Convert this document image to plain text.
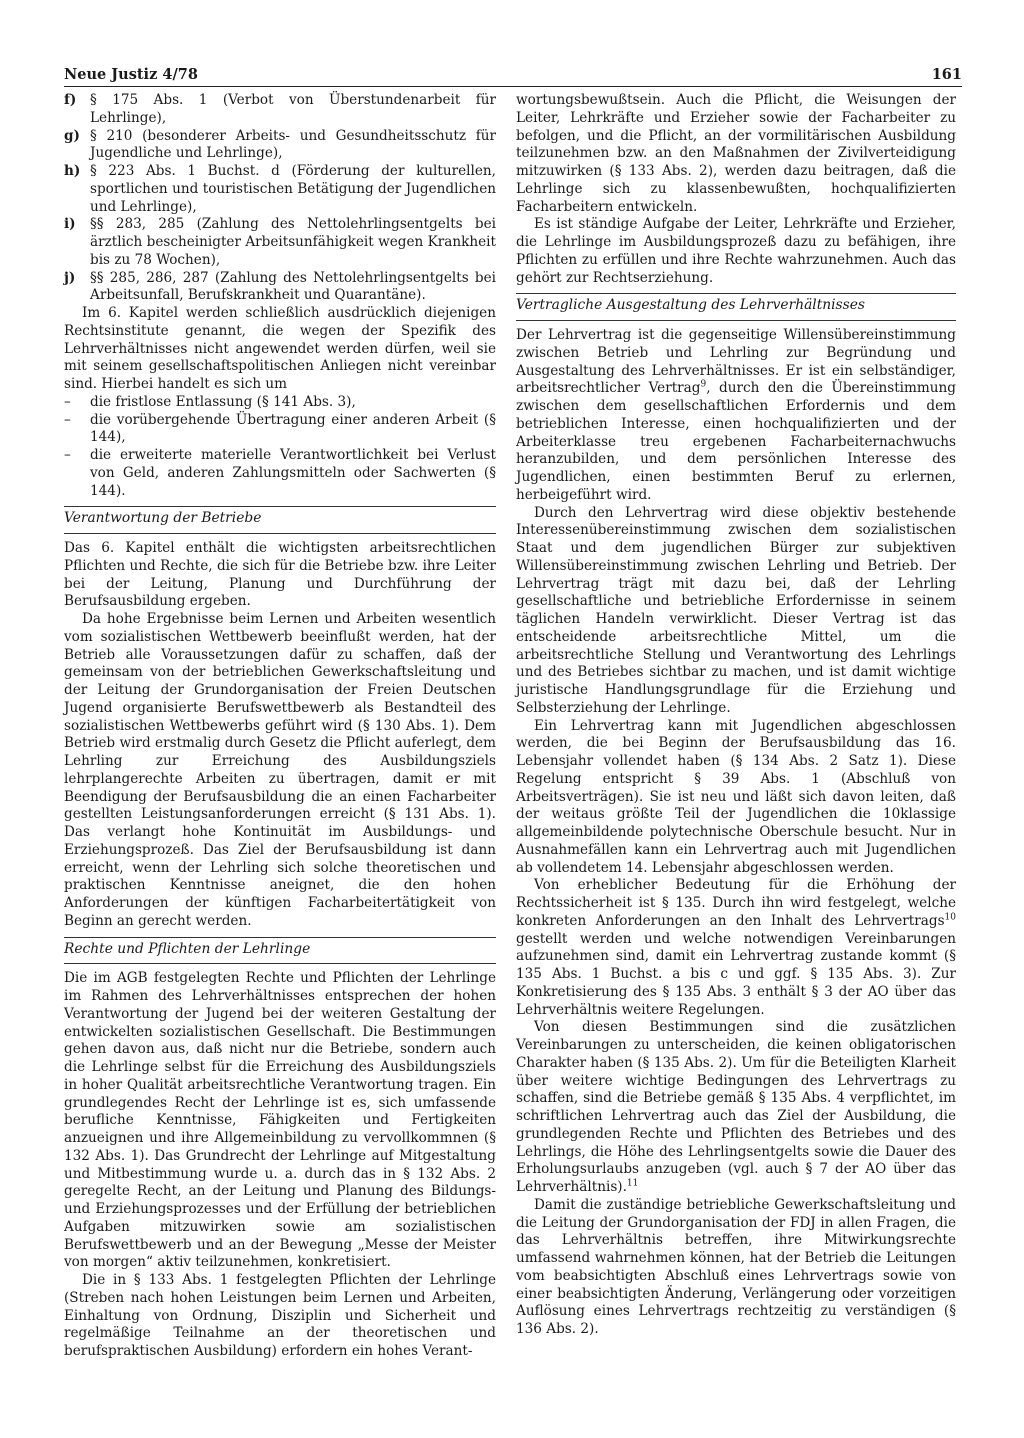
Neue Justiz 4/78	161

f) § 175 Abs. 1 (Verbot von Überstundenarbeit für Lehrlinge),

g) § 210 (besonderer Arbeits- und Gesundheitsschutz für Jugendliche und Lehrlinge),

h) § 223 Abs. 1 Buchst. d (Förderung der kulturellen, sportlichen und touristischen Betätigung der Jugendlichen und Lehrlinge),

i) §§ 283, 285 (Zahlung des Nettolehrlingsentgelts bei ärztlich bescheinigter Arbeitsunfähigkeit wegen Krankheit bis zu 78 Wochen),

j) §§ 285, 286, 287 (Zahlung des Nettolehrlingsentgelts bei Arbeitsunfall, Berufskrankheit und Quarantäne).

Im 6. Kapitel werden schließlich ausdrücklich diejenigen Rechtsinstitute genannt, die wegen der Spezifik des Lehrverhältnisses nicht angewendet werden dürfen, weil sie mit seinem gesellschaftspolitischen Anliegen nicht vereinbar sind. Hierbei handelt es sich um

– die fristlose Entlassung (§ 141 Abs. 3),

– die vorübergehende Übertragung einer anderen Arbeit (§ 144),

– die erweiterte materielle Verantwortlichkeit bei Verlust von Geld, anderen Zahlungsmitteln oder Sachwerten (§ 144).

Verantwortung der Betriebe

Das 6. Kapitel enthält die wichtigsten arbeitsrechtlichen Pflichten und Rechte, die sich für die Betriebe bzw. ihre Leiter bei der Leitung, Planung und Durchführung der Berufsausbildung ergeben.

Da hohe Ergebnisse beim Lernen und Arbeiten wesentlich vom sozialistischen Wettbewerb beeinflußt werden, hat der Betrieb alle Voraussetzungen dafür zu schaffen, daß der gemeinsam von der betrieblichen Gewerkschaftsleitung und der Leitung der Grundorganisation der Freien Deutschen Jugend organisierte Berufswettbewerb als Bestandteil des sozialistischen Wettbewerbs geführt wird (§ 130 Abs. 1). Dem Betrieb wird erstmalig durch Gesetz die Pflicht auferlegt, dem Lehrling zur Erreichung des Ausbildungsziels lehrplangerechte Arbeiten zu übertragen, damit er mit Beendigung der Berufsausbildung die an einen Facharbeiter gestellten Leistungsanforderungen erreicht (§ 131 Abs. 1). Das verlangt hohe Kontinuität im Ausbildungs- und Erziehungsprozeß. Das Ziel der Berufsausbildung ist dann erreicht, wenn der Lehrling sich solche theoretischen und praktischen Kenntnisse aneignet, die den hohen Anforderungen der künftigen Facharbeitertätigkeit von Beginn an gerecht werden.

Rechte und Pflichten der Lehrlinge

Die im AGB festgelegten Rechte und Pflichten der Lehrlinge im Rahmen des Lehrverhältnisses entsprechen der hohen Verantwortung der Jugend bei der weiteren Gestaltung der entwickelten sozialistischen Gesellschaft. Die Bestimmungen gehen davon aus, daß nicht nur die Betriebe, sondern auch die Lehrlinge selbst für die Erreichung des Ausbildungsziels in hoher Qualität arbeitsrechtliche Verantwortung tragen. Ein grundlegendes Recht der Lehrlinge ist es, sich umfassende berufliche Kenntnisse, Fähigkeiten und Fertigkeiten anzueignen und ihre Allgemeinbildung zu vervollkommnen (§ 132 Abs. 1). Das Grundrecht der Lehrlinge auf Mitgestaltung und Mitbestimmung wurde u. a. durch das in § 132 Abs. 2 geregelte Recht, an der Leitung und Planung des Bildungs- und Erziehungsprozesses und der Erfüllung der betrieblichen Aufgaben mitzuwirken sowie am sozialistischen Berufswettbewerb und an der Bewegung „Messe der Meister von morgen“ aktiv teilzunehmen, konkretisiert.

Die in § 133 Abs. 1 festgelegten Pflichten der Lehrlinge (Streben nach hohen Leistungen beim Lernen und Arbeiten, Einhaltung von Ordnung, Disziplin und Sicherheit und regelmäßige Teilnahme an der theoretischen und berufspraktischen Ausbildung) erfordern ein hohes Verant-

wortungsbewußtsein. Auch die Pflicht, die Weisungen der Leiter, Lehrkräfte und Erzieher sowie der Facharbeiter zu befolgen, und die Pflicht, an der vormilitärischen Ausbildung teilzunehmen bzw. an den Maßnahmen der Zivilverteidigung mitzuwirken (§ 133 Abs. 2), werden dazu beitragen, daß die Lehrlinge sich zu klassenbewußten, hochqualifizierten Facharbeitern entwickeln.

Es ist ständige Aufgabe der Leiter, Lehrkräfte und Erzieher, die Lehrlinge im Ausbildungsprozeß dazu zu befähigen, ihre Pflichten zu erfüllen und ihre Rechte wahrzunehmen. Auch das gehört zur Rechtserziehung.

Vertragliche Ausgestaltung des Lehrverhältnisses

Der Lehrvertrag ist die gegenseitige Willensübereinstimmung zwischen Betrieb und Lehrling zur Begründung und Ausgestaltung des Lehrverhältnisses. Er ist ein selbständiger, arbeitsrechtlicher Vertrag$^9$, durch den die Übereinstimmung zwischen dem gesellschaftlichen Erfordernis und dem betrieblichen Interesse, einen hochqualifizierten und der Arbeiterklasse treu ergebenen Facharbeiternachwuchs heranzubilden, und dem persönlichen Interesse des Jugendlichen, einen bestimmten Beruf zu erlernen, herbeigeführt wird.

Durch den Lehrvertrag wird diese objektiv bestehende Interessenübereinstimmung zwischen dem sozialistischen Staat und dem jugendlichen Bürger zur subjektiven Willensübereinstimmung zwischen Lehrling und Betrieb. Der Lehrvertrag trägt mit dazu bei, daß der Lehrling gesellschaftliche und betriebliche Erfordernisse in seinem täglichen Handeln verwirklicht. Dieser Vertrag ist das entscheidende arbeitsrechtliche Mittel, um die arbeitsrechtliche Stellung und Verantwortung des Lehrlings und des Betriebes sichtbar zu machen, und ist damit wichtige juristische Handlungsgrundlage für die Erziehung und Selbsterziehung der Lehrlinge.

Ein Lehrvertrag kann mit Jugendlichen abgeschlossen werden, die bei Beginn der Berufsausbildung das 16. Lebensjahr vollendet haben (§ 134 Abs. 2 Satz 1). Diese Regelung entspricht § 39 Abs. 1 (Abschluß von Arbeitsverträgen). Sie ist neu und läßt sich davon leiten, daß der weitaus größte Teil der Jugendlichen die 10klassige allgemeinbildende polytechnische Oberschule besucht. Nur in Ausnahmefällen kann ein Lehrvertrag auch mit Jugendlichen ab vollendetem 14. Lebensjahr abgeschlossen werden.

Von erheblicher Bedeutung für die Erhöhung der Rechtssicherheit ist § 135. Durch ihn wird festgelegt, welche konkreten Anforderungen an den Inhalt des Lehrvertrags$^{10}$ gestellt werden und welche notwendigen Vereinbarungen aufzunehmen sind, damit ein Lehrvertrag zustande kommt (§ 135 Abs. 1 Buchst. a bis c und ggf. § 135 Abs. 3). Zur Konkretisierung des § 135 Abs. 3 enthält § 3 der AO über das Lehrverhältnis weitere Regelungen.

Von diesen Bestimmungen sind die zusätzlichen Vereinbarungen zu unterscheiden, die keinen obligatorischen Charakter haben (§ 135 Abs. 2). Um für die Beteiligten Klarheit über weitere wichtige Bedingungen des Lehrvertrags zu schaffen, sind die Betriebe gemäß § 135 Abs. 4 verpflichtet, im schriftlichen Lehrvertrag auch das Ziel der Ausbildung, die grundlegenden Rechte und Pflichten des Betriebes und des Lehrlings, die Höhe des Lehrlingsentgelts sowie die Dauer des Erholungsurlaubs anzugeben (vgl. auch § 7 der AO über das Lehrverhältnis).$^{11}$

Damit die zuständige betriebliche Gewerkschaftsleitung und die Leitung der Grundorganisation der FDJ in allen Fragen, die das Lehrverhältnis betreffen, ihre Mitwirkungsrechte umfassend wahrnehmen können, hat der Betrieb die Leitungen vom beabsichtigten Abschluß eines Lehrvertrags sowie von einer beabsichtigten Änderung, Verlängerung oder vorzeitigen Auflösung eines Lehrvertrags rechtzeitig zu verständigen (§ 136 Abs. 2).
